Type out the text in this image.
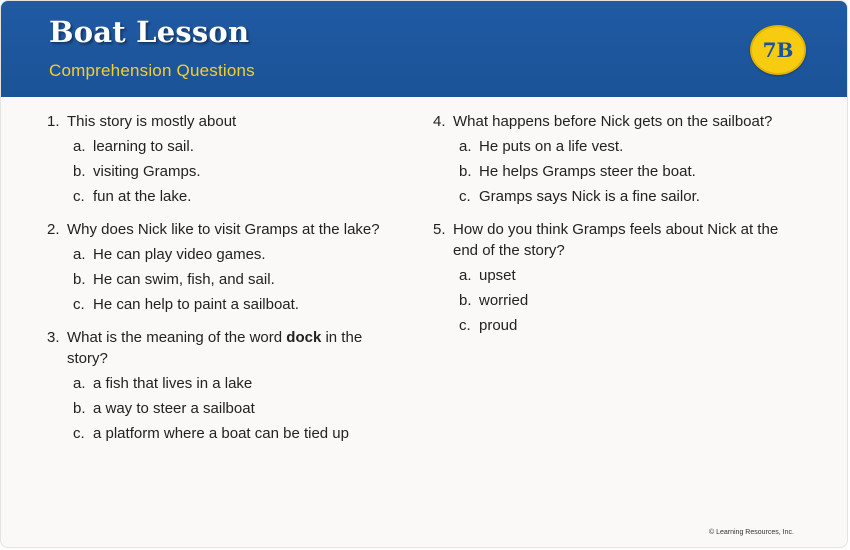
Boat Lesson
Comprehension Questions
7B
1. This story is mostly about
a. learning to sail.
b. visiting Gramps.
c. fun at the lake.
2. Why does Nick like to visit Gramps at the lake?
a. He can play video games.
b. He can swim, fish, and sail.
c. He can help to paint a sailboat.
3. What is the meaning of the word dock in the story?
a. a fish that lives in a lake
b. a way to steer a sailboat
c. a platform where a boat can be tied up
4. What happens before Nick gets on the sailboat?
a. He puts on a life vest.
b. He helps Gramps steer the boat.
c. Gramps says Nick is a fine sailor.
5. How do you think Gramps feels about Nick at the end of the story?
a. upset
b. worried
c. proud
© Learning Resources, Inc.
